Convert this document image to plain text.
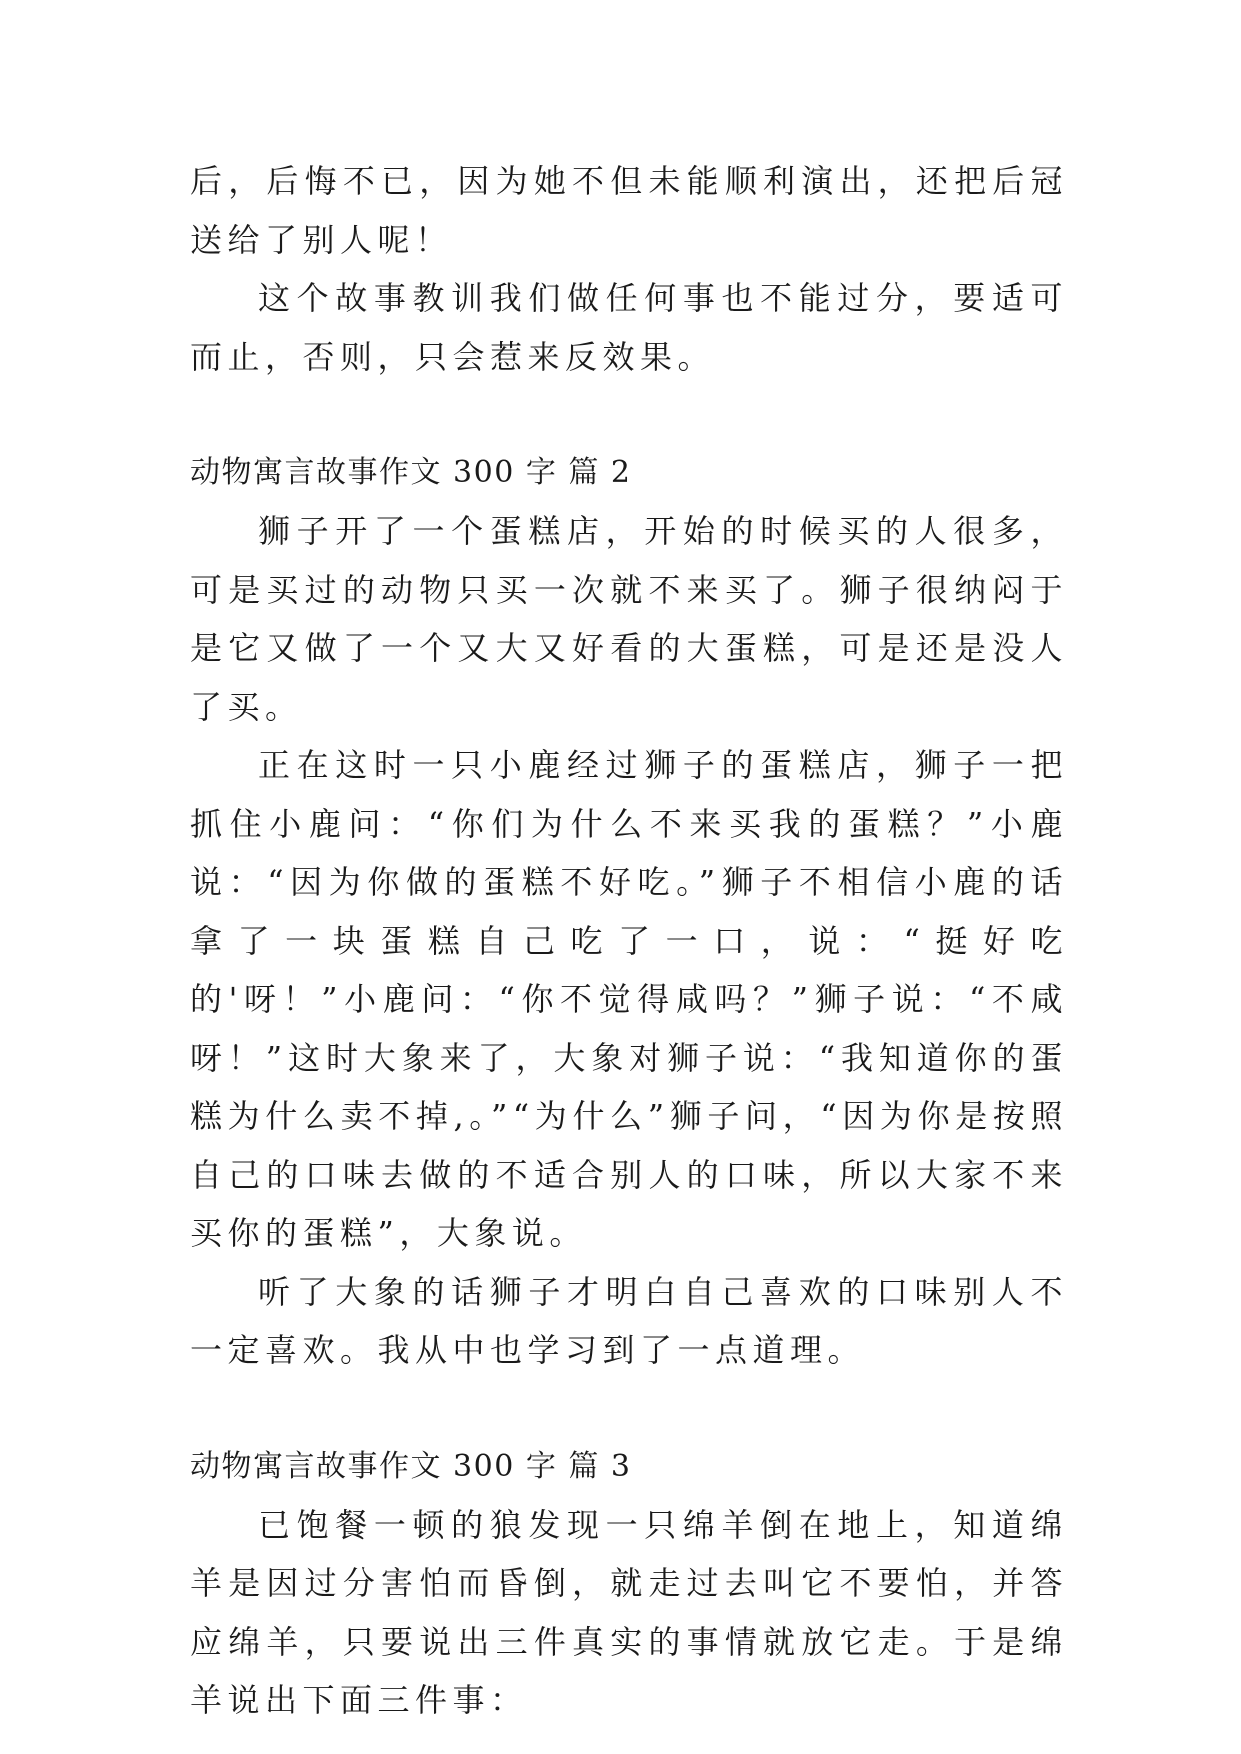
后，后悔不已，因为她不但未能顺利演出，还把后冠送给了别人呢！

这个故事教训我们做任何事也不能过分，要适可而止，否则，只会惹来反效果。

动物寓言故事作文 300 字 篇 2

狮子开了一个蛋糕店，开始的时候买的人很多，可是买过的动物只买一次就不来买了。狮子很纳闷于是它又做了一个又大又好看的大蛋糕，可是还是没人了买。

正在这时一只小鹿经过狮子的蛋糕店，狮子一把抓住小鹿问：“你们为什么不来买我的蛋糕？”小鹿说：“因为你做的蛋糕不好吃。”狮子不相信小鹿的话拿了一块蛋糕自己吃了一口，说：“挺好吃的'呀！”小鹿问：“你不觉得咸吗？”狮子说：“不咸呀！”这时大象来了，大象对狮子说：“我知道你的蛋糕为什么卖不掉,。”“为什么”狮子问，“因为你是按照自己的口味去做的不适合别人的口味，所以大家不来买你的蛋糕”，大象说。

听了大象的话狮子才明白自己喜欢的口味别人不一定喜欢。我从中也学习到了一点道理。

动物寓言故事作文 300 字 篇 3

已饱餐一顿的狼发现一只绵羊倒在地上，知道绵羊是因过分害怕而昏倒，就走过去叫它不要怕，并答应绵羊，只要说出三件真实的事情就放它走。于是绵羊说出下面三件事：
